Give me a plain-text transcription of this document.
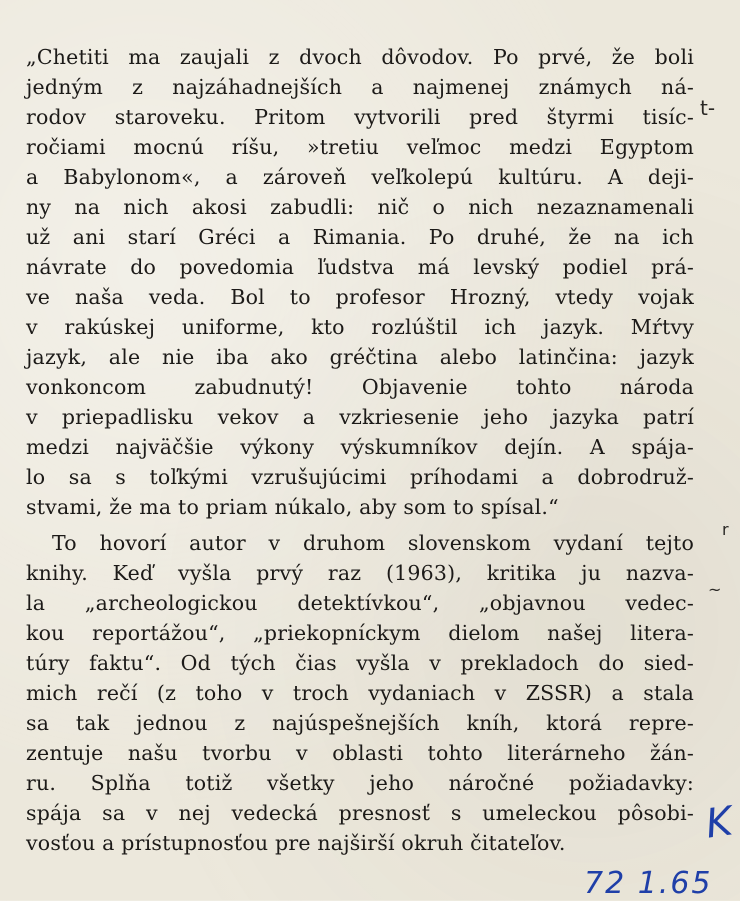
„Chetiti ma zaujali z dvoch dôvodov. Po prvé, že boli
jedným z najzáhadnejších a najmenej známych ná-
rodov staroveku. Pritom vytvorili pred štyrmi tisíc-
ročiami mocnú ríšu, »tretiu veľmoc medzi Egyptom
a Babylonom«, a zároveň veľkolepú kultúru. A deji-
ny na nich akosi zabudli: nič o nich nezaznamenali
už ani starí Gréci a Rimania. Po druhé, že na ich
návrate do povedomia ľudstva má levský podiel prá-
ve naša veda. Bol to profesor Hrozný, vtedy vojak
v rakúskej uniforme, kto rozlúštil ich jazyk. Mŕtvy
jazyk, ale nie iba ako gréčtina alebo latinčina: jazyk
vonkoncom zabudnutý! Objavenie tohto národa
v priepadlisku vekov a vzkriesenie jeho jazyka patrí
medzi najväčšie výkony výskumníkov dejín. A spája-
lo sa s toľkými vzrušujúcimi príhodami a dobrodruž-
stvami, že ma to priam núkalo, aby som to spísal.“
To hovorí autor v druhom slovenskom vydaní tejto
knihy. Keď vyšla prvý raz (1963), kritika ju nazva-
la „archeologickou detektívkou“, „objavnou vedec-
kou reportážou“, „priekopníckym dielom našej litera-
túry faktu“. Od tých čias vyšla v prekladoch do sied-
mich rečí (z toho v troch vydaniach v ZSSR) a stala
sa tak jednou z najúspešnejších kníh, ktorá repre-
zentuje našu tvorbu v oblasti tohto literárneho žán-
ru. Splňa totiž všetky jeho náročné požiadavky:
spája sa v nej vedecká presnosť s umeleckou pôsobi-
vosťou a prístupnosťou pre najširší okruh čitateľov.
t-
r
~
K
72 1.65
